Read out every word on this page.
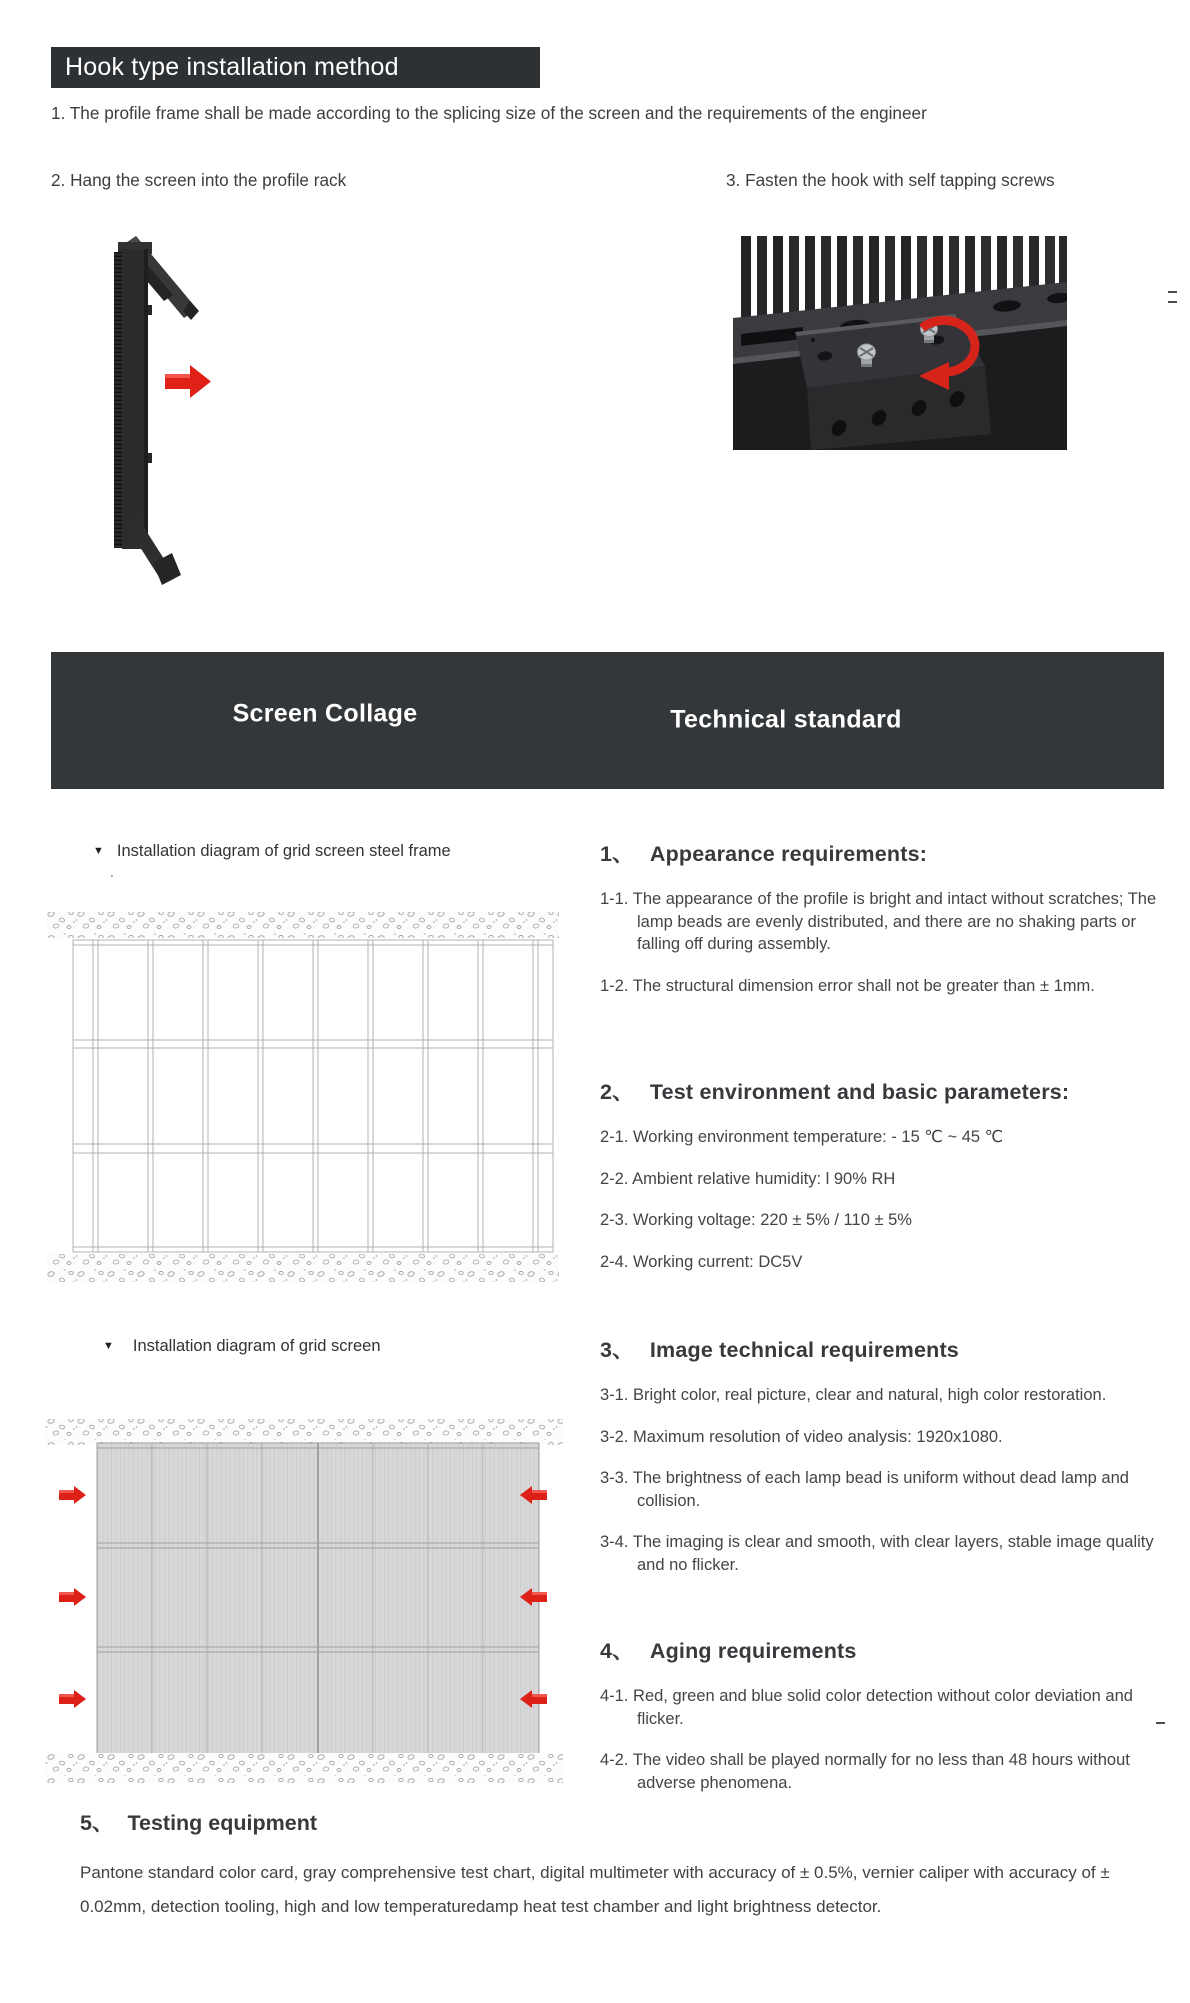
Hook type installation method
1. The profile frame shall be made according to the splicing size of the screen and the requirements of the engineer
2. Hang the screen into the profile rack	3. Fasten the hook with self tapping screws
Screen Collage	Technical standard
▼ Installation diagram of grid screen steel frame
.
▼ Installation diagram of grid screen
1、 Appearance requirements:

1-1. The appearance of the profile is bright and intact without scratches; The lamp beads are evenly distributed, and there are no shaking parts or falling off during assembly.

1-2. The structural dimension error shall not be greater than ± 1mm.

2、 Test environment and basic parameters:

2-1. Working environment temperature: - 15 ℃ ~ 45 ℃

2-2. Ambient relative humidity: l 90% RH

2-3. Working voltage: 220 ± 5% / 110 ± 5%

2-4. Working current: DC5V

3、 Image technical requirements

3-1. Bright color, real picture, clear and natural, high color restoration.

3-2. Maximum resolution of video analysis: 1920x1080.

3-3. The brightness of each lamp bead is uniform without dead lamp and collision.

3-4. The imaging is clear and smooth, with clear layers, stable image quality and no flicker.

4、 Aging requirements

4-1. Red, green and blue solid color detection without color deviation and flicker.

4-2. The video shall be played normally for no less than 48 hours without adverse phenomena.

5、 Testing equipment
Pantone standard color card, gray comprehensive test chart, digital multimeter with accuracy of ± 0.5%, vernier caliper with accuracy of ± 0.02mm, detection tooling, high and low temperaturedamp heat test chamber and light brightness detector.
